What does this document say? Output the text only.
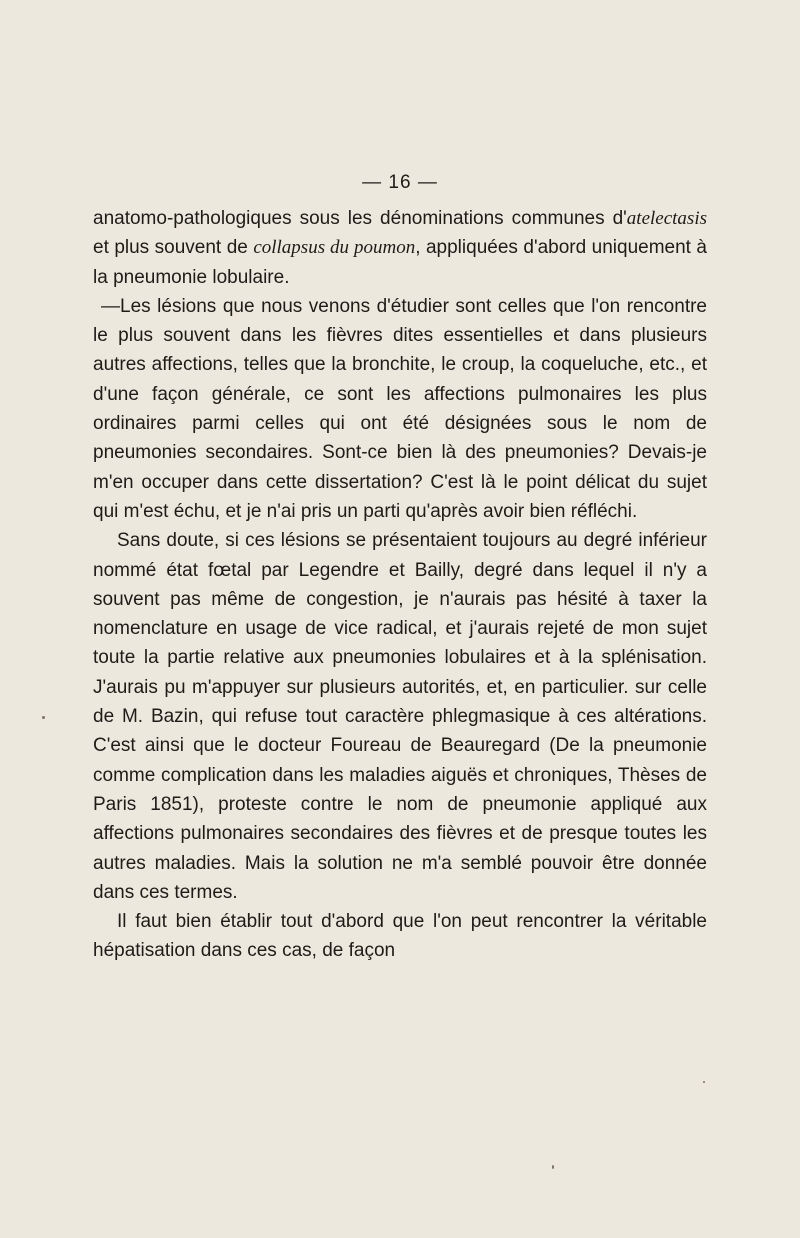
— 16 —

anatomo-pathologiques sous les dénominations communes d'atelectasis et plus souvent de collapsus du poumon, appliquées d'abord uniquement à la pneumonie lobulaire.

—Les lésions que nous venons d'étudier sont celles que l'on rencontre le plus souvent dans les fièvres dites essentielles et dans plusieurs autres affections, telles que la bronchite, le croup, la coqueluche, etc., et d'une façon générale, ce sont les affections pulmonaires les plus ordinaires parmi celles qui ont été désignées sous le nom de pneumonies secondaires. Sont-ce bien là des pneumonies? Devais-je m'en occuper dans cette dissertation? C'est là le point délicat du sujet qui m'est échu, et je n'ai pris un parti qu'après avoir bien réfléchi.

Sans doute, si ces lésions se présentaient toujours au degré inférieur nommé état fœtal par Legendre et Bailly, degré dans lequel il n'y a souvent pas même de congestion, je n'aurais pas hésité à taxer la nomenclature en usage de vice radical, et j'aurais rejeté de mon sujet toute la partie relative aux pneumonies lobulaires et à la splénisation. J'aurais pu m'appuyer sur plusieurs autorités, et, en particulier. sur celle de M. Bazin, qui refuse tout caractère phlegmasique à ces altérations. C'est ainsi que le docteur Foureau de Beauregard (De la pneumonie comme complication dans les maladies aiguës et chroniques, Thèses de Paris 1851), proteste contre le nom de pneumonie appliqué aux affections pulmonaires secondaires des fièvres et de presque toutes les autres maladies. Mais la solution ne m'a semblé pouvoir être donnée dans ces termes.

Il faut bien établir tout d'abord que l'on peut rencontrer la véritable hépatisation dans ces cas, de façon
